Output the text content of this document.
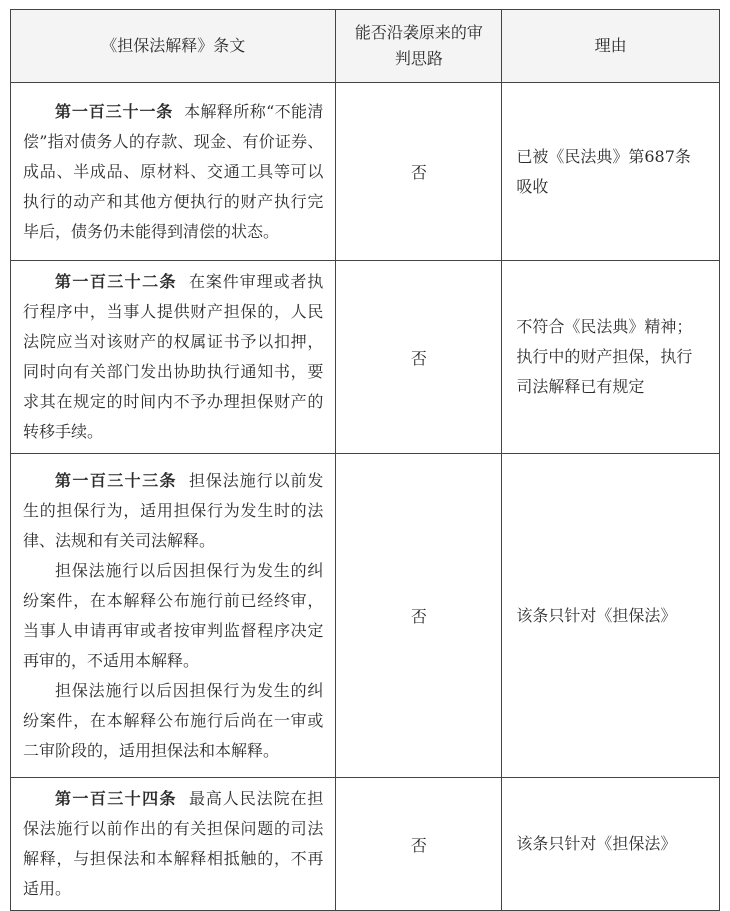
《担保法解释》条文	能否沿袭原来的审判思路	理由

第一百三十一条 本解释所称“不能清偿”指对债务人的存款、现金、有价证券、成品、半成品、原材料、交通工具等可以执行的动产和其他方便执行的财产执行完毕后，债务仍未能得到清偿的状态。	否	已被《民法典》第687条吸收

第一百三十二条 在案件审理或者执行程序中，当事人提供财产担保的，人民法院应当对该财产的权属证书予以扣押，同时向有关部门发出协助执行通知书，要求其在规定的时间内不予办理担保财产的转移手续。	否	不符合《民法典》精神；执行中的财产担保，执行司法解释已有规定

第一百三十三条 担保法施行以前发生的担保行为，适用担保行为发生时的法律、法规和有关司法解释。

担保法施行以后因担保行为发生的纠纷案件，在本解释公布施行前已经终审，当事人申请再审或者按审判监督程序决定再审的，不适用本解释。

担保法施行以后因担保行为发生的纠纷案件，在本解释公布施行后尚在一审或二审阶段的，适用担保法和本解释。	否	该条只针对《担保法》

第一百三十四条 最高人民法院在担保法施行以前作出的有关担保问题的司法解释，与担保法和本解释相抵触的，不再适用。	否	该条只针对《担保法》
